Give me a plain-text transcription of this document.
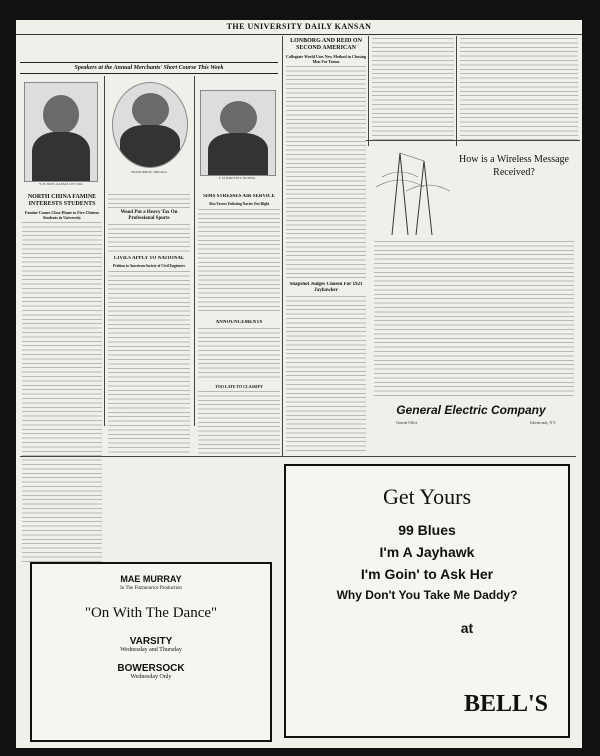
THE UNIVERSITY DAILY KANSAN
Speakers at the Annual Merchants' Short Course This Week
W. B. HAYS, KANSAS CITY, MO.
FRANK BIRCH, CHICAGO
E. M. BARTLETT, WICHITA
NORTH CHINA FAMINE INTERESTS STUDENTS
Famine Comes Close Home to Five Chinese Students in University
Wood Put a Heavy Tax On Professional Sports
CIVILS APPLY TO NATIONAL
Petition to American Society of Civil Engineers
SIMS STRESSES AIR SERVICE
Also Favors Enlisting Navies Out Right
ANNOUNCEMENTS
TOO LATE TO CLASSIFY
LONBORG AND REID ON SECOND AMERICAN
Collegiate World Uses New Method in Chosing Men For Teams
Snapshot Judges Chosen For 1921 Jayhawker
How is a Wireless Message Received?
General Electric Company
General Office	Schenectady, N.Y.
MAE MURRAY
In The Fitzmourice Production
"On With The Dance"
VARSITY
Wednesday and Thursday
BOWERSOCK
Wednesday Only
Get Yours
99 Blues
I'm A Jayhawk
I'm Goin' to Ask Her
Why Don't You Take Me Daddy?
at
BELL'S
